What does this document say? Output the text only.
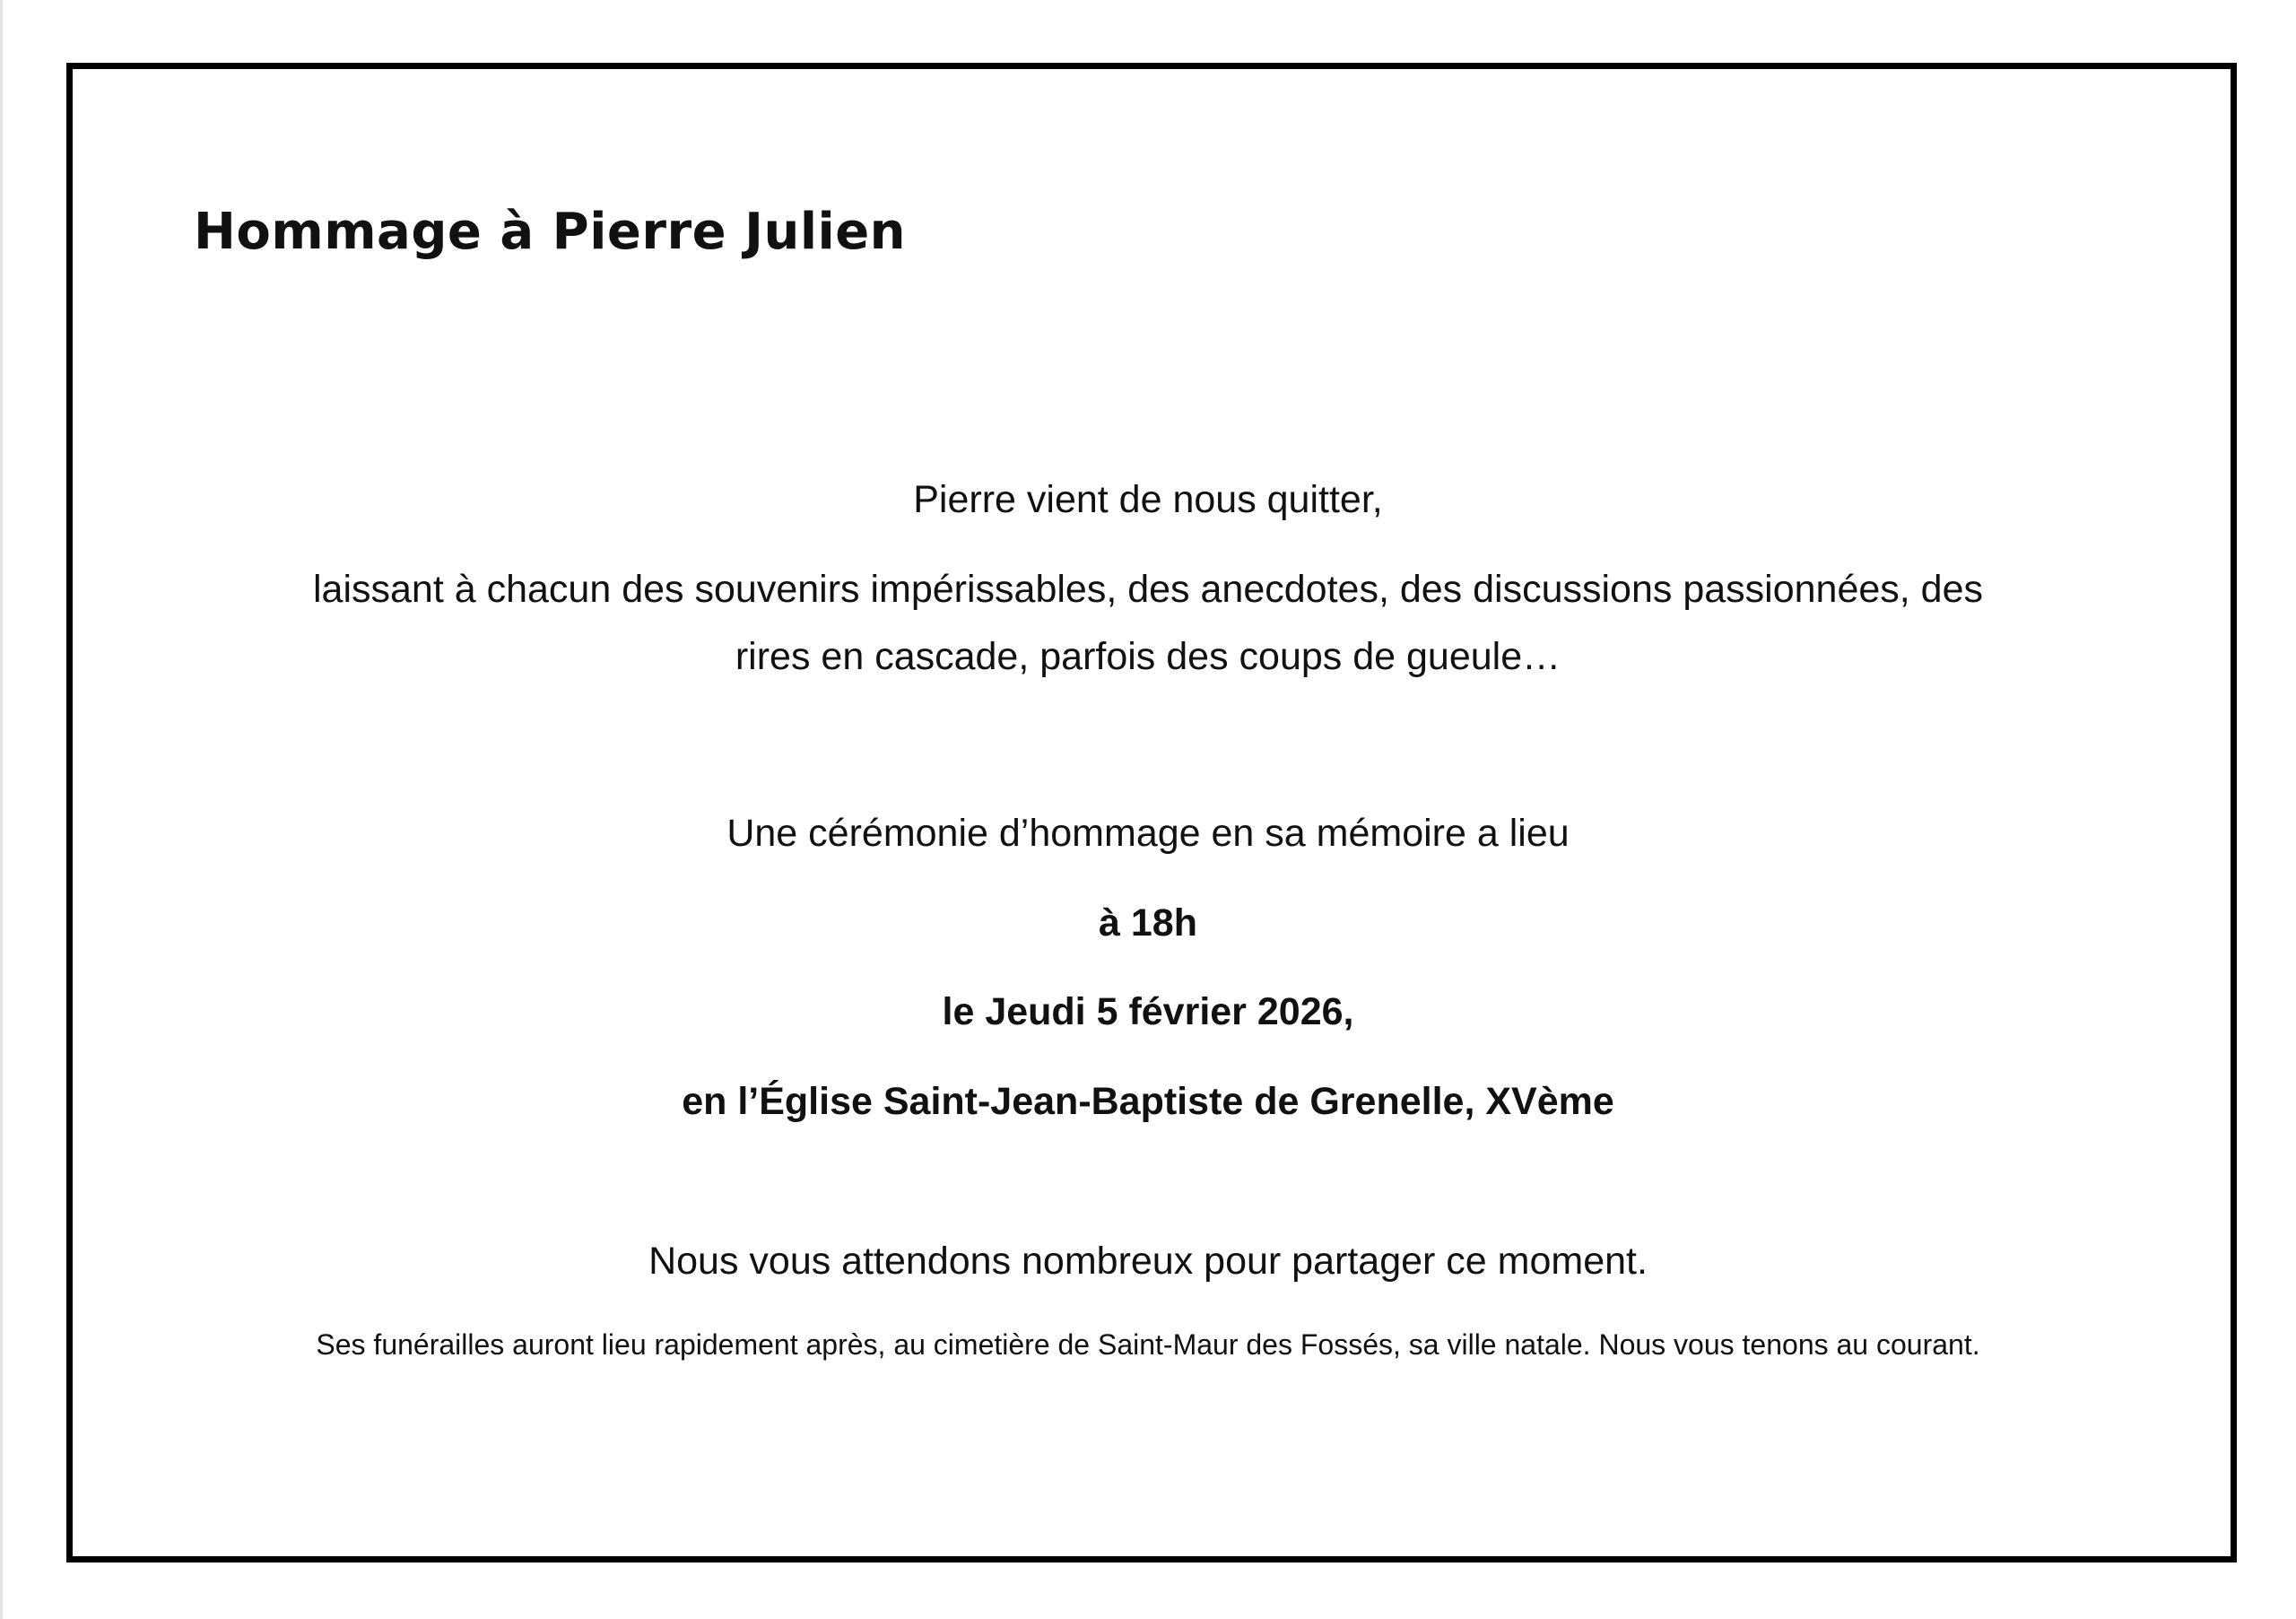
Hommage à Pierre Julien

Pierre vient de nous quitter,

laissant à chacun des souvenirs impérissables, des anecdotes, des discussions passionnées, des

rires en cascade, parfois des coups de gueule…

Une cérémonie d’hommage en sa mémoire a lieu

à 18h

le Jeudi 5 février 2026,

en l’Église Saint-Jean-Baptiste de Grenelle, XVème

Nous vous attendons nombreux pour partager ce moment.

Ses funérailles auront lieu rapidement après, au cimetière de Saint-Maur des Fossés, sa ville natale. Nous vous tenons au courant.
